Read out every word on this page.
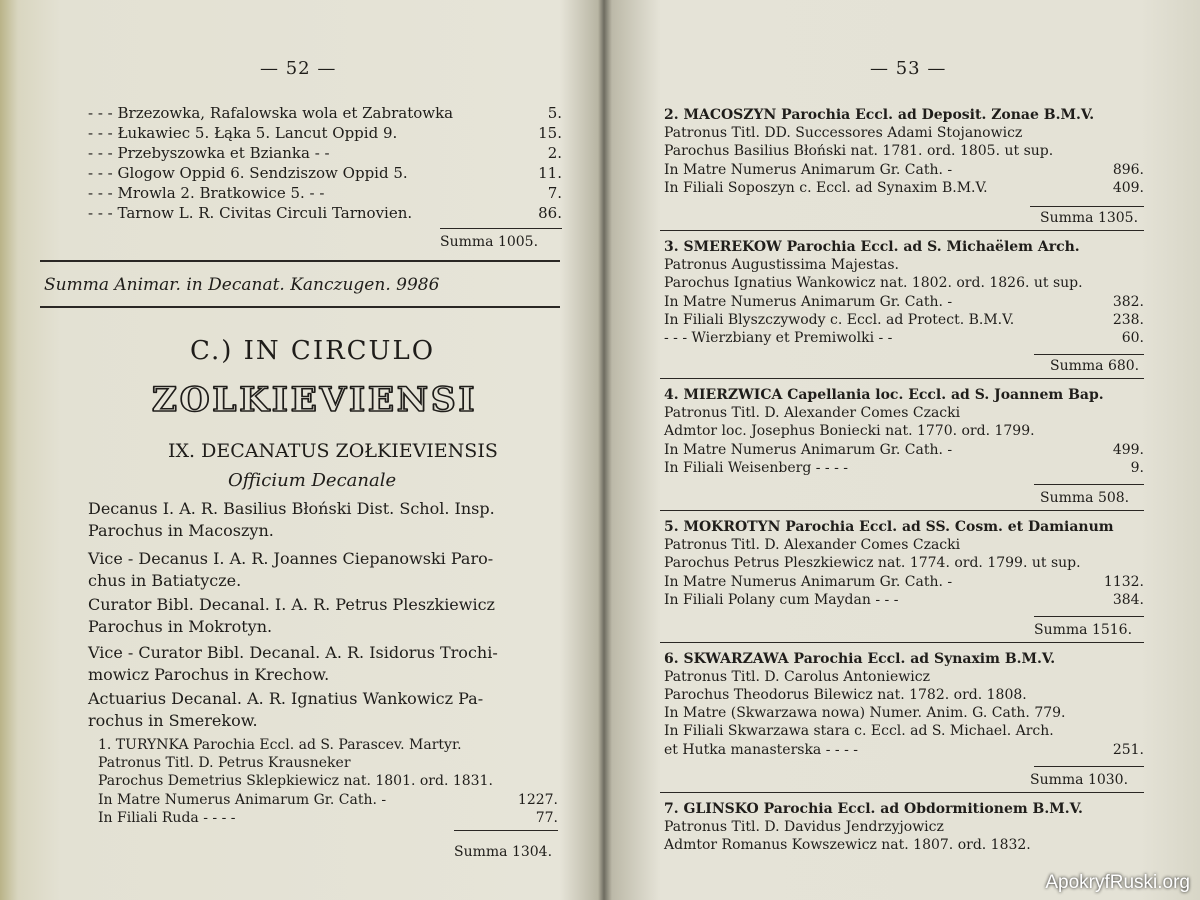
— 52 —
- - - Brzezowka, Rafalowska wola et Zabratowka	5.
- - - Łukawiec 5. Łąka 5. Lancut Oppid 9.	15.
- - - Przebyszowka et Bzianka - -	2.
- - - Glogow Oppid 6. Sendziszow Oppid 5.	11.
- - - Mrowla 2. Bratkowice 5. - -	7.
- - - Tarnow L. R. Civitas Circuli Tarnovien.	86.
Summa 1005.
Summa Animar. in Decanat. Kanczugen. 9986
C.) IN CIRCULO
ZOLKIEVIENSI
IX. DECANATUS ZOŁKIEVIENSIS
Officium Decanale
Decanus I. A. R. Basilius Błoński Dist. Schol. Insp.
Parochus in Macoszyn.
Vice - Decanus I. A. R. Joannes Ciepanowski Paro-
chus in Batiatycze.
Curator Bibl. Decanal. I. A. R. Petrus Pleszkiewicz
Parochus in Mokrotyn.
Vice - Curator Bibl. Decanal. A. R. Isidorus Trochi-
mowicz Parochus in Krechow.
Actuarius Decanal. A. R. Ignatius Wankowicz Pa-
rochus in Smerekow.
1. TURYNKA Parochia Eccl. ad S. Parascev. Martyr.
Patronus Titl. D. Petrus Krausneker
Parochus Demetrius Sklepkiewicz nat. 1801. ord. 1831.
In Matre Numerus Animarum Gr. Cath. -	1227.
In Filiali Ruda - - - -	77.
Summa 1304.
— 53 —
2. MACOSZYN Parochia Eccl. ad Deposit. Zonae B.M.V.
Patronus Titl. DD. Successores Adami Stojanowicz
Parochus Basilius Błoński nat. 1781. ord. 1805. ut sup.
In Matre Numerus Animarum Gr. Cath. -	896.
In Filiali Soposzyn c. Eccl. ad Synaxim B.M.V.	409.
Summa 1305.
3. SMEREKOW Parochia Eccl. ad S. Michaëlem Arch.
Patronus Augustissima Majestas.
Parochus Ignatius Wankowicz nat. 1802. ord. 1826. ut sup.
In Matre Numerus Animarum Gr. Cath. -	382.
In Filiali Blyszczywody c. Eccl. ad Protect. B.M.V.	238.
- - - Wierzbiany et Premiwolki - -	60.
Summa 680.
4. MIERZWICA Capellania loc. Eccl. ad S. Joannem Bap.
Patronus Titl. D. Alexander Comes Czacki
Admtor loc. Josephus Boniecki nat. 1770. ord. 1799.
In Matre Numerus Animarum Gr. Cath. -	499.
In Filiali Weisenberg - - - -	9.
Summa 508.
5. MOKROTYN Parochia Eccl. ad SS. Cosm. et Damianum
Patronus Titl. D. Alexander Comes Czacki
Parochus Petrus Pleszkiewicz nat. 1774. ord. 1799. ut sup.
In Matre Numerus Animarum Gr. Cath. -	1132.
In Filiali Polany cum Maydan - - -	384.
Summa 1516.
6. SKWARZAWA Parochia Eccl. ad Synaxim B.M.V.
Patronus Titl. D. Carolus Antoniewicz
Parochus Theodorus Bilewicz nat. 1782. ord. 1808.
In Matre (Skwarzawa nowa) Numer. Anim. G. Cath. 779.
In Filiali Skwarzawa stara c. Eccl. ad S. Michael. Arch.
et Hutka manasterska - - - -	251.
Summa 1030.
7. GLINSKO Parochia Eccl. ad Obdormitionem B.M.V.
Patronus Titl. D. Davidus Jendrzyjowicz
Admtor Romanus Kowszewicz nat. 1807. ord. 1832.
ApokryfRuski.org
